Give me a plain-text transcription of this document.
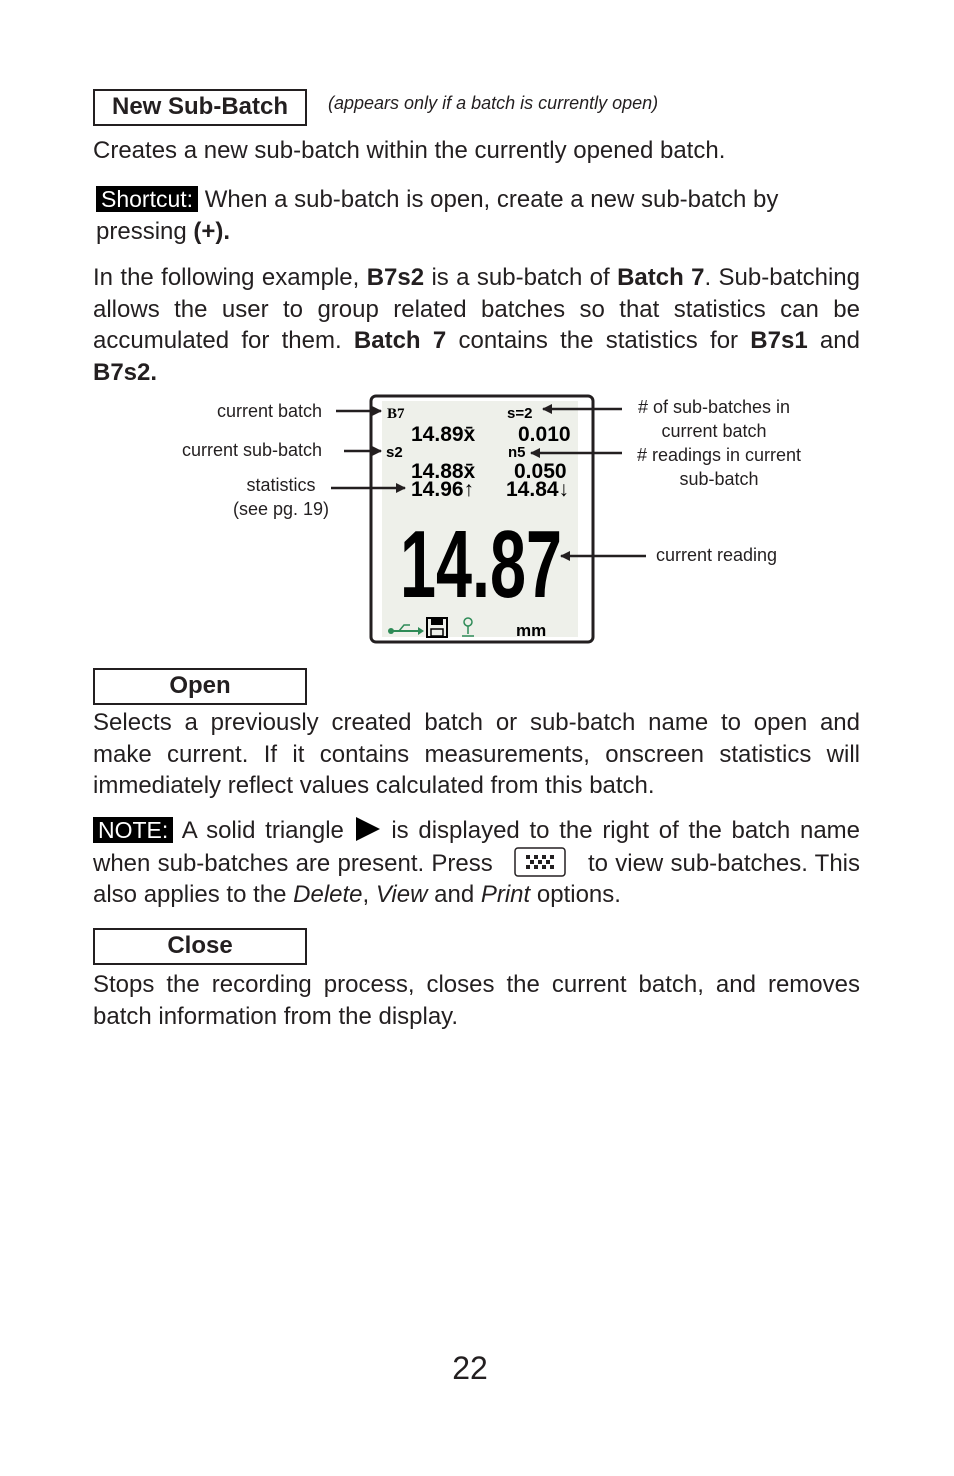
New Sub-Batch	(appears only if a batch is currently open)
Creates a new sub-batch within the currently opened batch.
Shortcut: When a sub-batch is open, create a new sub-batch by pressing (+).
In the following example, B7s2 is a sub-batch of Batch 7. Sub-batching allows the user to group related batches so that statistics can be accumulated for them. Batch 7 contains the statistics for B7s1 and B7s2.
B7	s=2
14.89x̄ 0.010
s2	n5
14.88x̄ 0.050
14.96↑ 14.84↓
14.87
mm
current batch
current sub-batch
statistics
(see pg. 19)
# of sub-batches in
current batch
# readings in current
sub-batch
current reading
Open
Selects a previously created batch or sub-batch name to open and make current. If it contains measurements, onscreen statistics will immediately reflect values calculated from this batch.
NOTE: A solid triangle is displayed to the right of the batch name when sub-batches are present. Press	to view sub-batches. This also applies to the Delete, View and Print options.
Close
Stops the recording process, closes the current batch, and removes batch information from the display.
22
